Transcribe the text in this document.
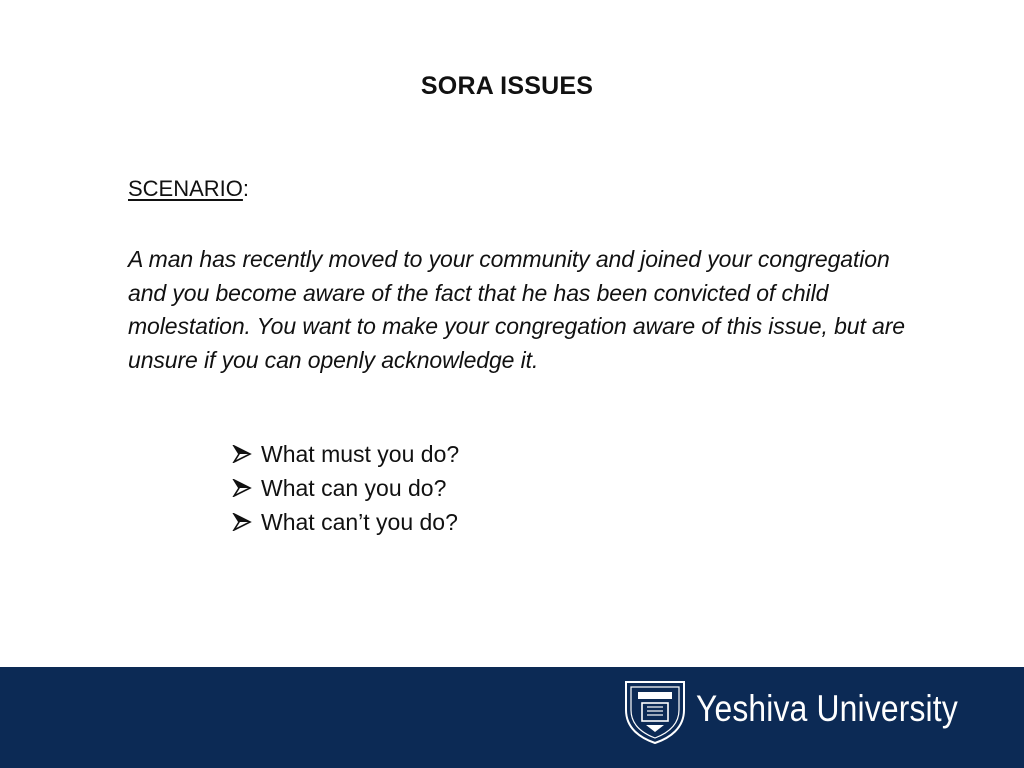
SORA ISSUES
SCENARIO:
A man has recently moved to your community and joined your congregation and you become aware of the fact that he has been convicted of child molestation. You want to make your congregation aware of this issue, but are unsure if you can openly acknowledge it.
What must you do?
What can you do?
What can’t you do?
Yeshiva University
